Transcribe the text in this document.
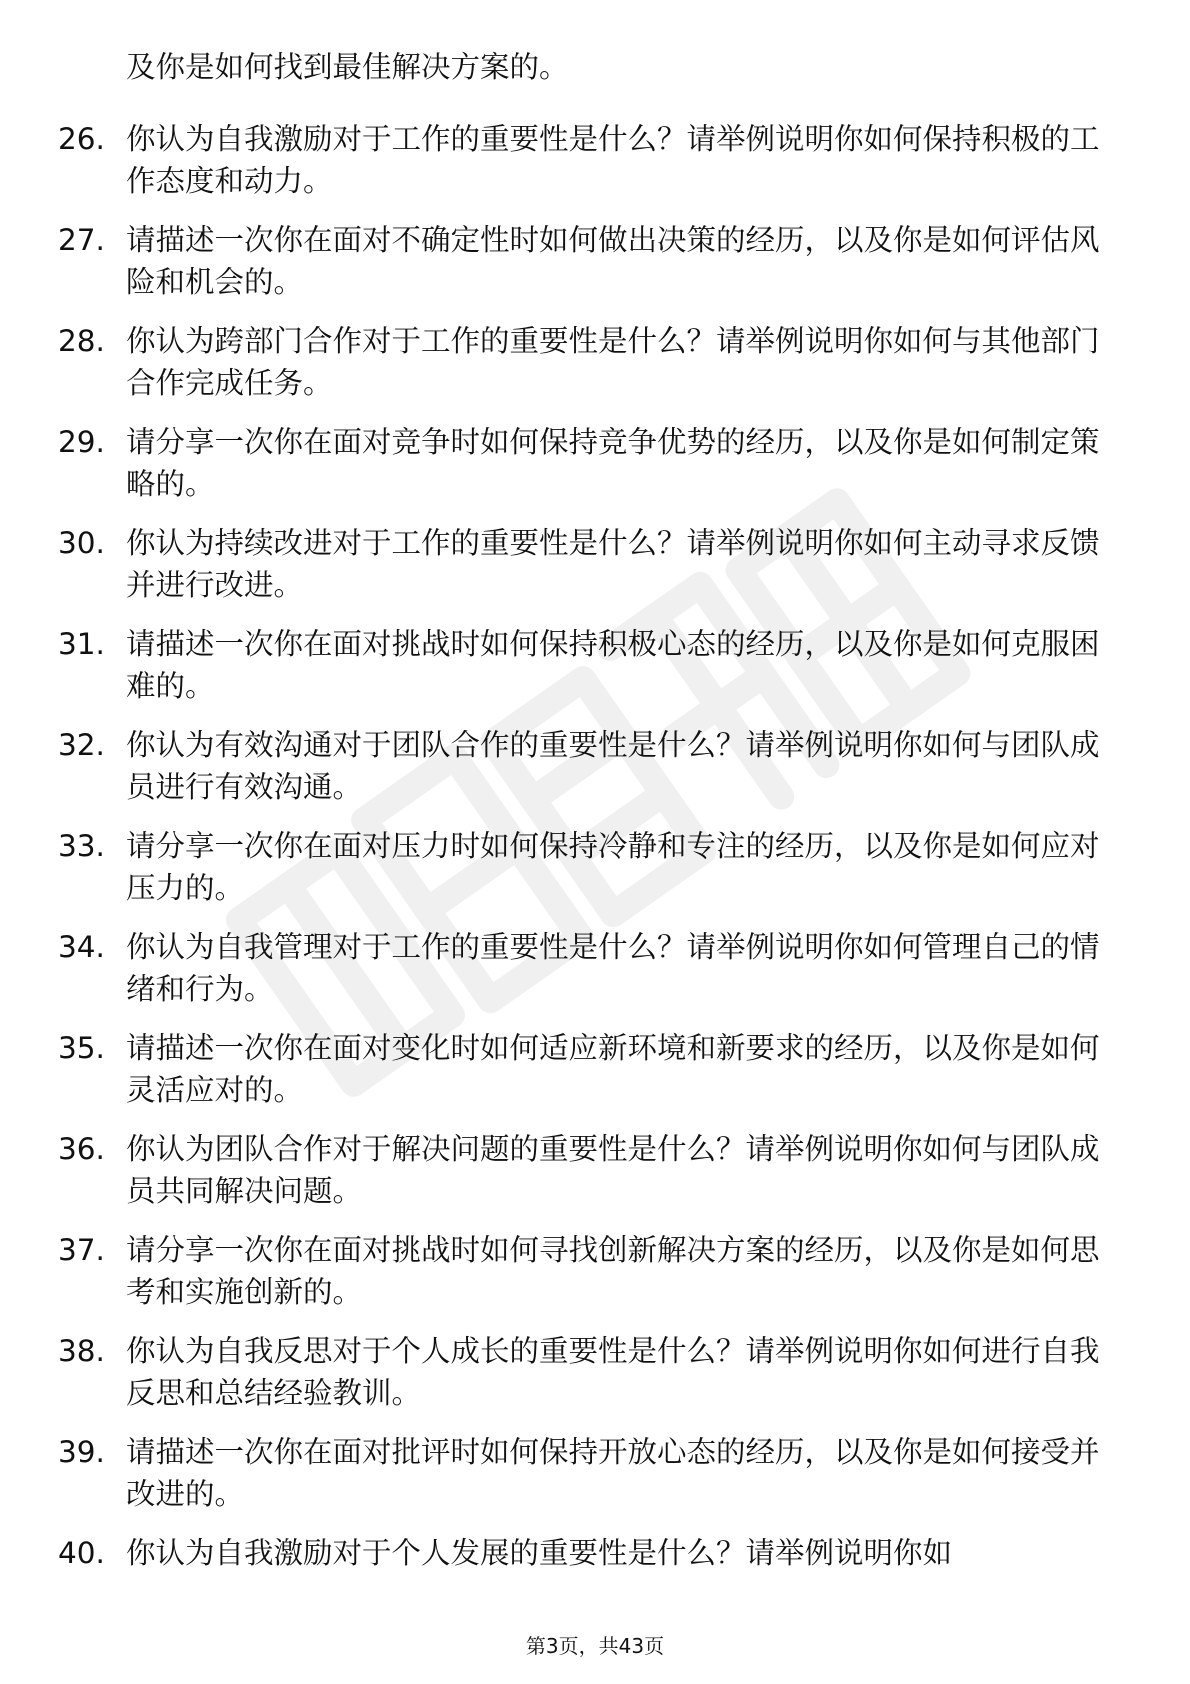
及你是如何找到最佳解决方案的。
26. 你认为自我激励对于工作的重要性是什么？请举例说明你如何保持积极的工作态度和动力。
27. 请描述一次你在面对不确定性时如何做出决策的经历，以及你是如何评估风险和机会的。
28. 你认为跨部门合作对于工作的重要性是什么？请举例说明你如何与其他部门合作完成任务。
29. 请分享一次你在面对竞争时如何保持竞争优势的经历，以及你是如何制定策略的。
30. 你认为持续改进对于工作的重要性是什么？请举例说明你如何主动寻求反馈并进行改进。
31. 请描述一次你在面对挑战时如何保持积极心态的经历，以及你是如何克服困难的。
32. 你认为有效沟通对于团队合作的重要性是什么？请举例说明你如何与团队成员进行有效沟通。
33. 请分享一次你在面对压力时如何保持冷静和专注的经历，以及你是如何应对压力的。
34. 你认为自我管理对于工作的重要性是什么？请举例说明你如何管理自己的情绪和行为。
35. 请描述一次你在面对变化时如何适应新环境和新要求的经历，以及你是如何灵活应对的。
36. 你认为团队合作对于解决问题的重要性是什么？请举例说明你如何与团队成员共同解决问题。
37. 请分享一次你在面对挑战时如何寻找创新解决方案的经历，以及你是如何思考和实施创新的。
38. 你认为自我反思对于个人成长的重要性是什么？请举例说明你如何进行自我反思和总结经验教训。
39. 请描述一次你在面对批评时如何保持开放心态的经历，以及你是如何接受并改进的。
40. 你认为自我激励对于个人发展的重要性是什么？请举例说明你如
第3页，共43页
